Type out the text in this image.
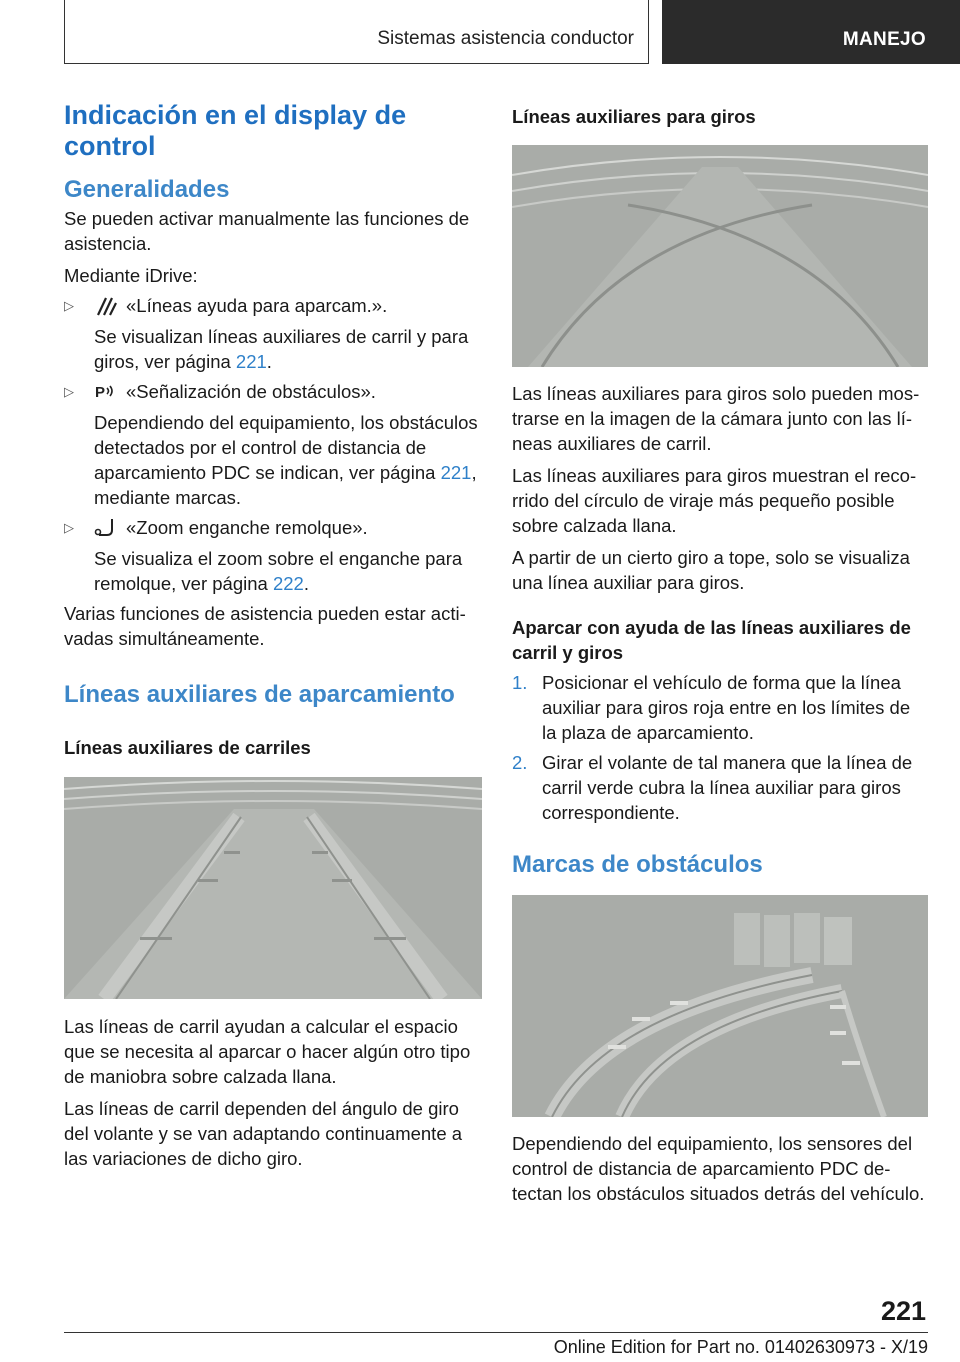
Sistemas asistencia conductor	MANEJO
Indicación en el display de control
Generalidades

Se pueden activar manualmente las funciones de asistencia.

Mediante iDrive:

▷	«Líneas ayuda para aparcam.».

Se visualizan líneas auxiliares de carril y para giros, ver página 221.

▷	P «Señalización de obstáculos».

Dependiendo del equipamiento, los obstáculos detectados por el control de distancia de aparcamiento PDC se indican, ver página 221, mediante marcas.

▷	«Zoom enganche remolque».

Se visualiza el zoom sobre el enganche para remolque, ver página 222.

Varias funciones de asistencia pueden estar activadas simultáneamente.

Líneas auxiliares de aparcamiento
Líneas auxiliares de carriles

Las líneas de carril ayudan a calcular el espacio que se necesita al aparcar o hacer algún otro tipo de maniobra sobre calzada llana.

Las líneas de carril dependen del ángulo de giro del volante y se van adaptando continuamente a las variaciones de dicho giro.

Líneas auxiliares para giros

Las líneas auxiliares para giros solo pueden mostrarse en la imagen de la cámara junto con las líneas auxiliares de carril.

Las líneas auxiliares para giros muestran el recorrido del círculo de viraje más pequeño posible sobre calzada llana.

A partir de un cierto giro a tope, solo se visualiza una línea auxiliar para giros.

Aparcar con ayuda de las líneas auxiliares de carril y giros
1. Posicionar el vehículo de forma que la línea auxiliar para giros roja entre en los límites de la plaza de aparcamiento.

2. Girar el volante de tal manera que la línea de carril verde cubra la línea auxiliar para giros correspondiente.

Marcas de obstáculos

Dependiendo del equipamiento, los sensores del control de distancia de aparcamiento PDC detectan los obstáculos situados detrás del vehículo.

221
Online Edition for Part no. 01402630973 - X/19
